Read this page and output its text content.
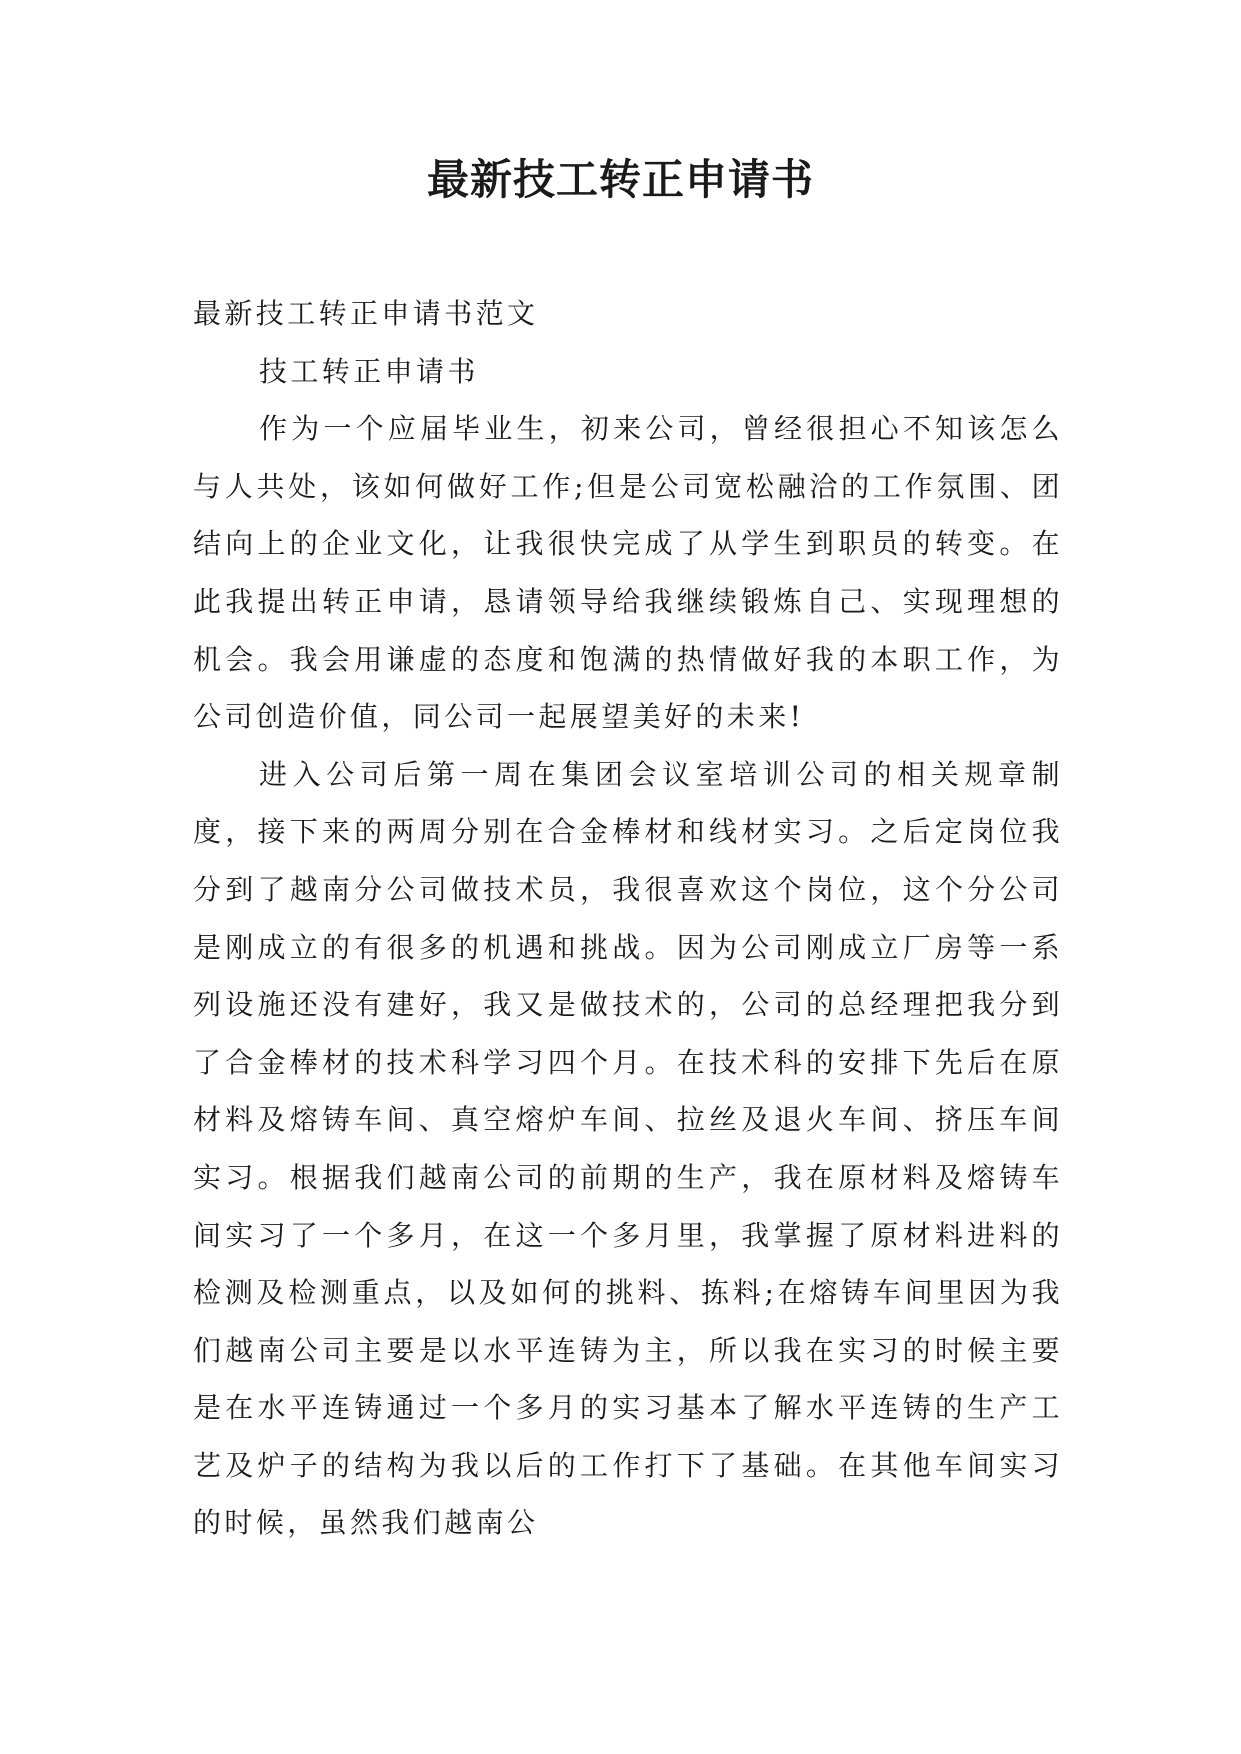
最新技工转正申请书

最新技工转正申请书范文

技工转正申请书

作为一个应届毕业生，初来公司，曾经很担心不知该怎么与人共处，该如何做好工作;但是公司宽松融洽的工作氛围、团结向上的企业文化，让我很快完成了从学生到职员的转变。在此我提出转正申请，恳请领导给我继续锻炼自己、实现理想的机会。我会用谦虚的态度和饱满的热情做好我的本职工作，为公司创造价值，同公司一起展望美好的未来!

进入公司后第一周在集团会议室培训公司的相关规章制度，接下来的两周分别在合金棒材和线材实习。之后定岗位我分到了越南分公司做技术员，我很喜欢这个岗位，这个分公司是刚成立的有很多的机遇和挑战。因为公司刚成立厂房等一系列设施还没有建好，我又是做技术的，公司的总经理把我分到了合金棒材的技术科学习四个月。在技术科的安排下先后在原材料及熔铸车间、真空熔炉车间、拉丝及退火车间、挤压车间实习。根据我们越南公司的前期的生产，我在原材料及熔铸车间实习了一个多月，在这一个多月里，我掌握了原材料进料的检测及检测重点，以及如何的挑料、拣料;在熔铸车间里因为我们越南公司主要是以水平连铸为主，所以我在实习的时候主要是在水平连铸通过一个多月的实习基本了解水平连铸的生产工艺及炉子的结构为我以后的工作打下了基础。在其他车间实习的时候，虽然我们越南公
